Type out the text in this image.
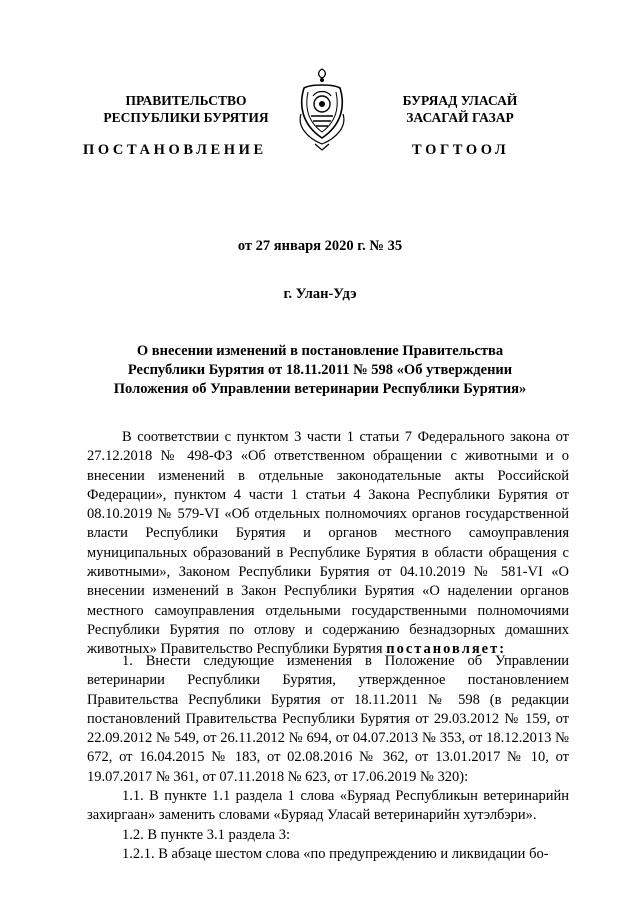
ПРАВИТЕЛЬСТВО
РЕСПУБЛИКИ БУРЯТИЯ
БУРЯАД УЛАСАЙ
ЗАСАГАЙ ГАЗАР
ПОСТАНОВЛЕНИЕ	ТОГТООЛ
от 27 января 2020 г. № 35
г. Улан-Удэ
О внесении изменений в постановление Правительства
Республики Бурятия от 18.11.2011 № 598 «Об утверждении
Положения об Управлении ветеринарии Республики Бурятия»

В соответствии с пунктом 3 части 1 статьи 7 Федерального закона от 27.12.2018 № 498-ФЗ «Об ответственном обращении с животными и о внесении изменений в отдельные законодательные акты Российской Федерации», пунктом 4 части 1 статьи 4 Закона Республики Бурятия от 08.10.2019 № 579-VI «Об отдельных полномочиях органов государственной власти Республики Бурятия и органов местного самоуправления муниципальных образований в Республике Бурятия в области обращения с животными», Законом Республики Бурятия от 04.10.2019 № 581-VI «О внесении изменений в Закон Республики Бурятия «О наделении органов местного самоуправления отдельными государственными полномочиями Республики Бурятия по отлову и содержанию безнадзорных домашних животных» Правительство Республики Бурятия постановляет:

1. Внести следующие изменения в Положение об Управлении ветеринарии Республики Бурятия, утвержденное постановлением Правительства Республики Бурятия от 18.11.2011 № 598 (в редакции постановлений Правительства Республики Бурятия от 29.03.2012 № 159, от 22.09.2012 № 549, от 26.11.2012 № 694, от 04.07.2013 № 353, от 18.12.2013 № 672, от 16.04.2015 № 183, от 02.08.2016 № 362, от 13.01.2017 № 10, от 19.07.2017 № 361, от 07.11.2018 № 623, от 17.06.2019 № 320):

1.1. В пункте 1.1 раздела 1 слова «Буряад Республикын ветеринарийн захиргаан» заменить словами «Буряад Уласай ветеринарийн хутэлбэри».

1.2. В пункте 3.1 раздела 3:

1.2.1. В абзаце шестом слова «по предупреждению и ликвидации бо-
